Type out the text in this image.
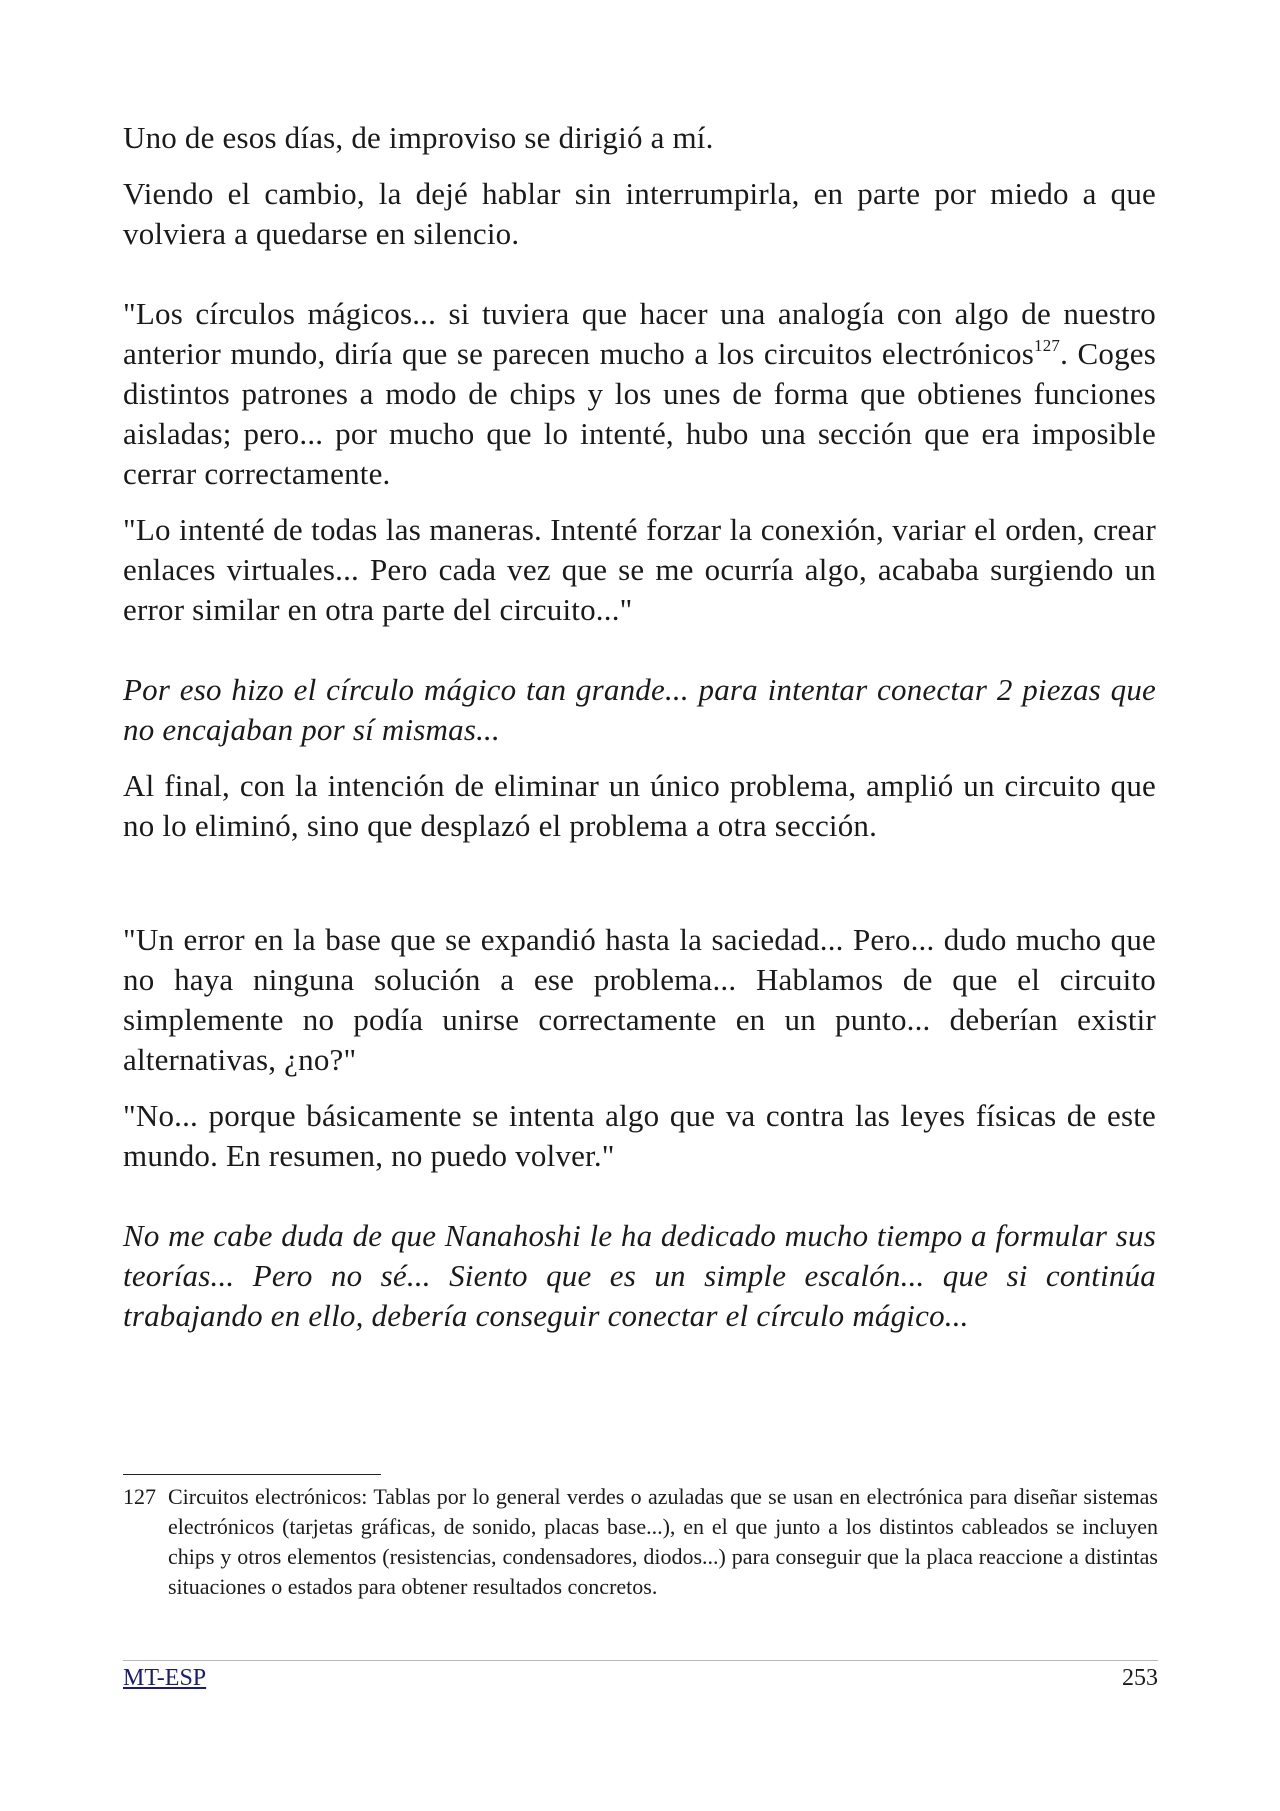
Uno de esos días, de improviso se dirigió a mí.

Viendo el cambio, la dejé hablar sin interrumpirla, en parte por miedo a que volviera a quedarse en silencio.

"Los círculos mágicos... si tuviera que hacer una analogía con algo de nuestro anterior mundo, diría que se parecen mucho a los circuitos electrónicos$^{127}$. Coges distintos patrones a modo de chips y los unes de forma que obtienes funciones aisladas; pero... por mucho que lo intenté, hubo una sección que era imposible cerrar correctamente.

"Lo intenté de todas las maneras. Intenté forzar la conexión, variar el orden, crear enlaces virtuales... Pero cada vez que se me ocurría algo, acababa surgiendo un error similar en otra parte del circuito..."

Por eso hizo el círculo mágico tan grande... para intentar conectar 2 piezas que no encajaban por sí mismas...

Al final, con la intención de eliminar un único problema, amplió un circuito que no lo eliminó, sino que desplazó el problema a otra sección.

"Un error en la base que se expandió hasta la saciedad... Pero... dudo mucho que no haya ninguna solución a ese problema... Hablamos de que el circuito simplemente no podía unirse correctamente en un punto... deberían existir alternativas, ¿no?"

"No... porque básicamente se intenta algo que va contra las leyes físicas de este mundo. En resumen, no puedo volver."

No me cabe duda de que Nanahoshi le ha dedicado mucho tiempo a formular sus teorías... Pero no sé... Siento que es un simple escalón... que si continúa trabajando en ello, debería conseguir conectar el círculo mágico...

127 Circuitos electrónicos: Tablas por lo general verdes o azuladas que se usan en electrónica para diseñar sistemas electrónicos (tarjetas gráficas, de sonido, placas base...), en el que junto a los distintos cableados se incluyen chips y otros elementos (resistencias, condensadores, diodos...) para conseguir que la placa reaccione a distintas situaciones o estados para obtener resultados concretos.

MT-ESP	253
